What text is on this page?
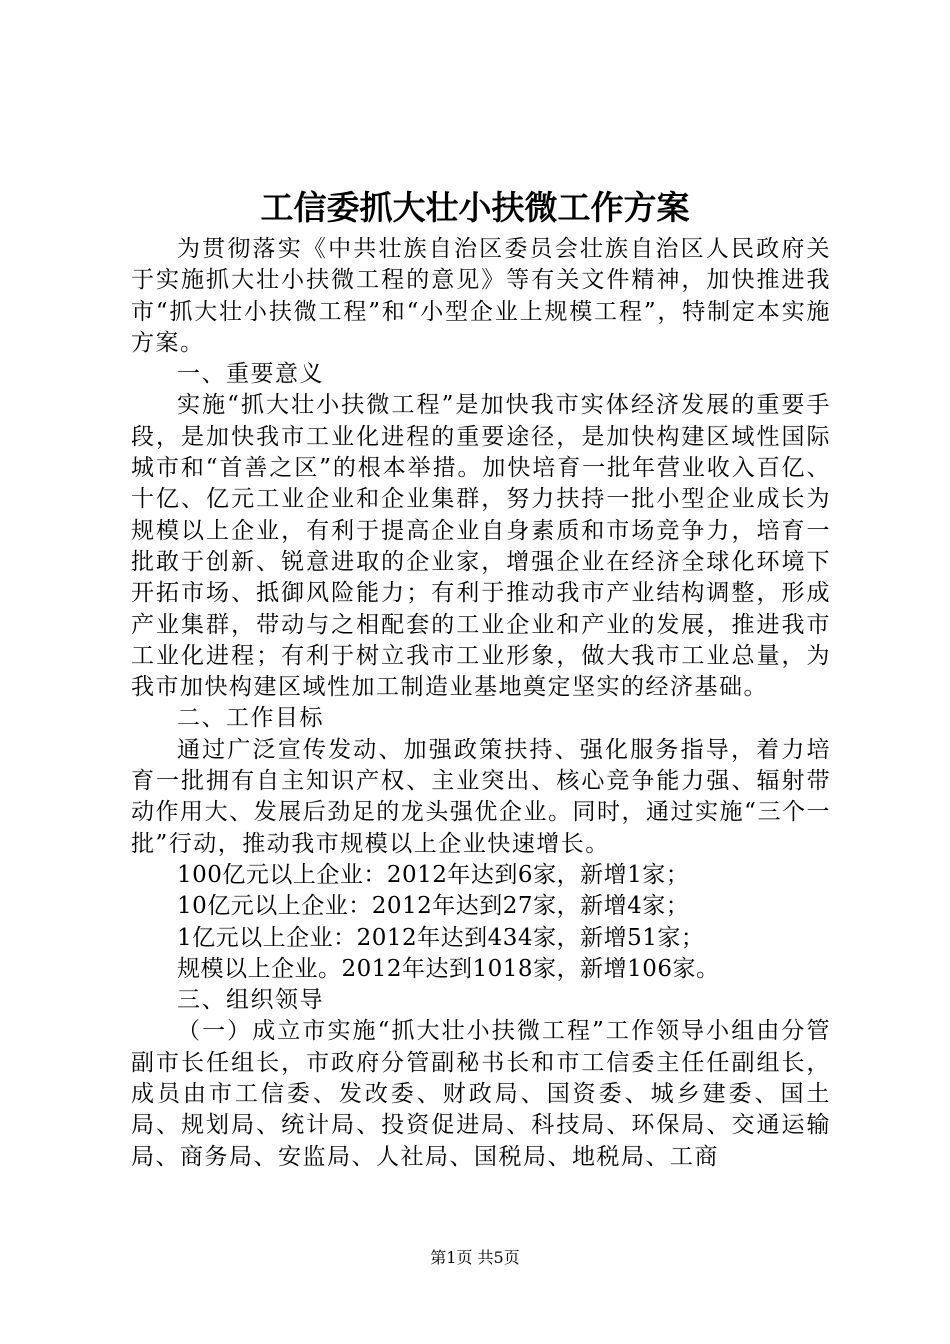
工信委抓大壮小扶微工作方案

为贯彻落实《中共壮族自治区委员会壮族自治区人民政府关于实施抓大壮小扶微工程的意见》等有关文件精神，加快推进我市“抓大壮小扶微工程”和“小型企业上规模工程”，特制定本实施方案。

一、重要意义

实施“抓大壮小扶微工程”是加快我市实体经济发展的重要手段，是加快我市工业化进程的重要途径，是加快构建区域性国际城市和“首善之区”的根本举措。加快培育一批年营业收入百亿、十亿、亿元工业企业和企业集群，努力扶持一批小型企业成长为规模以上企业，有利于提高企业自身素质和市场竞争力，培育一批敢于创新、锐意进取的企业家，增强企业在经济全球化环境下开拓市场、抵御风险能力；有利于推动我市产业结构调整，形成产业集群，带动与之相配套的工业企业和产业的发展，推进我市工业化进程；有利于树立我市工业形象，做大我市工业总量，为我市加快构建区域性加工制造业基地奠定坚实的经济基础。

二、工作目标

通过广泛宣传发动、加强政策扶持、强化服务指导，着力培育一批拥有自主知识产权、主业突出、核心竞争能力强、辐射带动作用大、发展后劲足的龙头强优企业。同时，通过实施“三个一批”行动，推动我市规模以上企业快速增长。

100亿元以上企业：2012年达到6家，新增1家；

10亿元以上企业：2012年达到27家，新增4家；

1亿元以上企业：2012年达到434家，新增51家；

规模以上企业。2012年达到1018家，新增106家。

三、组织领导

（一）成立市实施“抓大壮小扶微工程”工作领导小组由分管副市长任组长，市政府分管副秘书长和市工信委主任任副组长，成员由市工信委、发改委、财政局、国资委、城乡建委、国土局、规划局、统计局、投资促进局、科技局、环保局、交通运输局、商务局、安监局、人社局、国税局、地税局、工商

第1页 共5页
